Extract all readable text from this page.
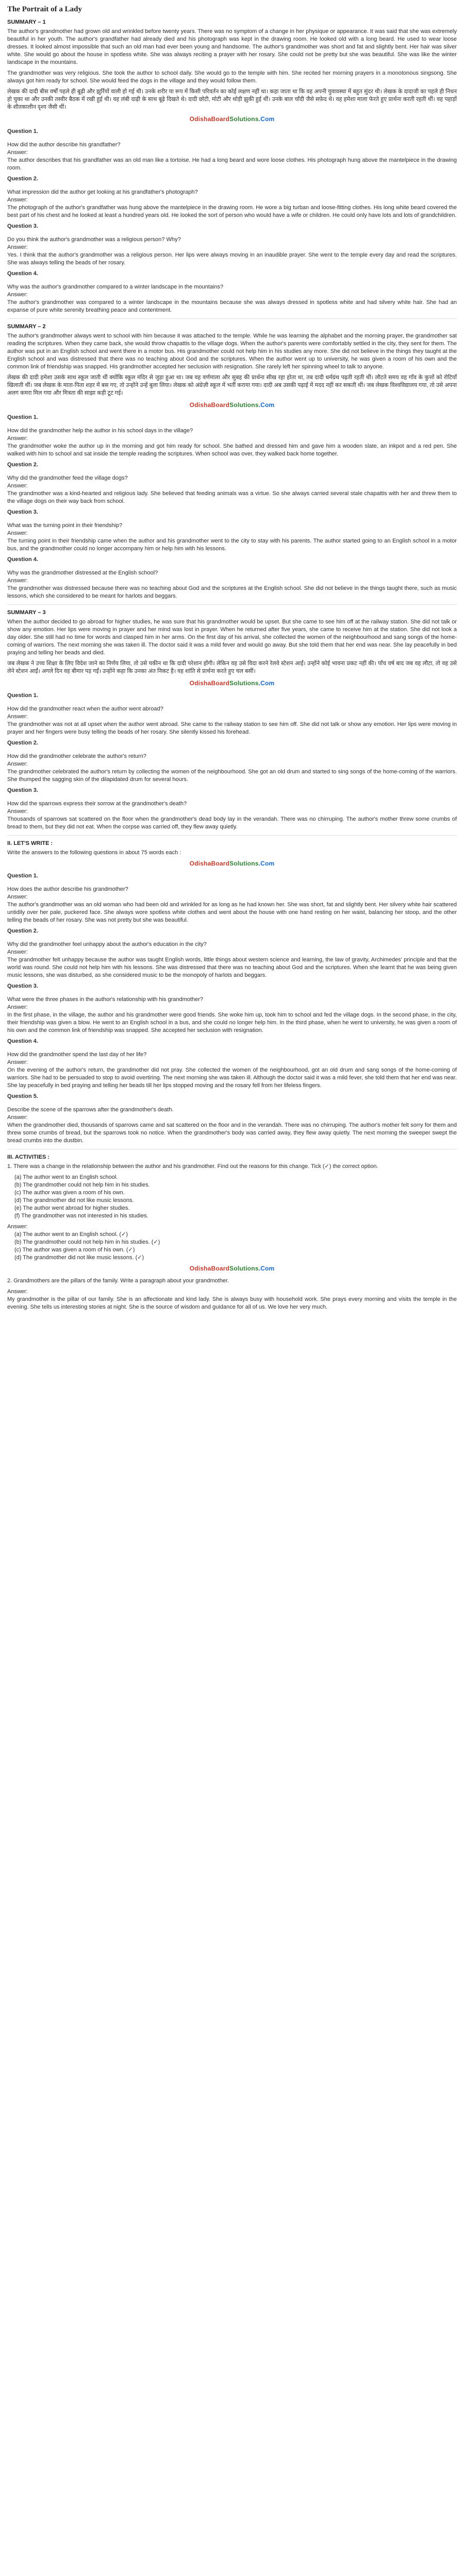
The Portrait of a Lady
SUMMARY – 1

The author's grandmother had grown old and wrinkled before twenty years. There was no symptom of a change in her physique or appearance. It was said that she was extremely beautiful in her youth. The author's grandfather had already died and his photograph was kept in the drawing room. He looked old with a long beard. He used to wear loose dresses. It looked almost impossible that such an old man had ever been young and handsome. The author's grandmother was short and fat and slightly bent. Her hair was silver white. She would go about the house in spotless white. She was always reciting a prayer with her rosary. She could not be pretty but she was beautiful. She was like the winter landscape in the mountains.

The grandmother was very religious. She took the author to school daily. She would go to the temple with him. She recited her morning prayers in a monotonous singsong. She always got him ready for school. She would feed the dogs in the village and they would follow them.

लेखक की दादी बीस वर्षों पहले ही बूढ़ी और झुर्रियों वाली हो गई थी। उनके शरीर या रूप में किसी परिवर्तन का कोई लक्षण नहीं था। कहा जाता था कि वह अपनी युवावस्था में बहुत सुंदर थी। लेखक के दादाजी का पहले ही निधन हो चुका था और उनकी तस्वीर बैठक में रखी हुई थी। वह लंबी दाढ़ी के साथ बूढ़े दिखते थे। दादी छोटी, मोटी और थोड़ी झुकी हुई थीं। उनके बाल चाँदी जैसे सफ़ेद थे। वह हमेशा माला फेरते हुए प्रार्थना करती रहती थीं। वह पहाड़ों के शीतकालीन दृश्य जैसी थीं।

OdishaBoardSolutions.Com

Question 1.

How did the author describe his grandfather?

Answer:

The author describes that his grandfather was an old man like a tortoise. He had a long beard and wore loose clothes. His photograph hung above the mantelpiece in the drawing room.

Question 2.

What impression did the author get looking at his grandfather's photograph?

Answer:

The photograph of the author's grandfather was hung above the mantelpiece in the drawing room. He wore a big turban and loose-fitting clothes. His long white beard covered the best part of his chest and he looked at least a hundred years old. He looked the sort of person who would have a wife or children. He could only have lots and lots of grandchildren.

Question 3.

Do you think the author's grandmother was a religious person? Why?

Answer:

Yes. I think that the author's grandmother was a religious person. Her lips were always moving in an inaudible prayer. She went to the temple every day and read the scriptures. She was always telling the beads of her rosary.

Question 4.

Why was the author's grandmother compared to a winter landscape in the mountains?

Answer:

The author's grandmother was compared to a winter landscape in the mountains because she was always dressed in spotless white and had silvery white hair. She had an expanse of pure white serenity breathing peace and contentment.

SUMMARY – 2

The author's grandmother always went to school with him because it was attached to the temple. While he was learning the alphabet and the morning prayer, the grandmother sat reading the scriptures. When they came back, she would throw chapattis to the village dogs. When the author's parents were comfortably settled in the city, they sent for them. The author was put in an English school and went there in a motor bus. His grandmother could not help him in his studies any more. She did not believe in the things they taught at the English school and was distressed that there was no teaching about God and the scriptures. When the author went up to university, he was given a room of his own and the common link of friendship was snapped. His grandmother accepted her seclusion with resignation. She rarely left her spinning wheel to talk to anyone.

लेखक की दादी हमेशा उसके साथ स्कूल जाती थीं क्योंकि स्कूल मंदिर से जुड़ा हुआ था। जब वह वर्णमाला और सुबह की प्रार्थना सीख रहा होता था, तब दादी धर्मग्रंथ पढ़ती रहती थीं। लौटते समय वह गाँव के कुत्तों को रोटियाँ खिलाती थीं। जब लेखक के माता-पिता शहर में बस गए, तो उन्होंने उन्हें बुला लिया। लेखक को अंग्रेज़ी स्कूल में भर्ती कराया गया। दादी अब उसकी पढ़ाई में मदद नहीं कर सकती थीं। जब लेखक विश्वविद्यालय गया, तो उसे अपना अलग कमरा मिल गया और मित्रता की साझा कड़ी टूट गई।

OdishaBoardSolutions.Com

Question 1.

How did the grandmother help the author in his school days in the village?

Answer:

The grandmother woke the author up in the morning and got him ready for school. She bathed and dressed him and gave him a wooden slate, an inkpot and a red pen. She walked with him to school and sat inside the temple reading the scriptures. When school was over, they walked back home together.

Question 2.

Why did the grandmother feed the village dogs?

Answer:

The grandmother was a kind-hearted and religious lady. She believed that feeding animals was a virtue. So she always carried several stale chapattis with her and threw them to the village dogs on their way back from school.

Question 3.

What was the turning point in their friendship?

Answer:

The turning point in their friendship came when the author and his grandmother went to the city to stay with his parents. The author started going to an English school in a motor bus, and the grandmother could no longer accompany him or help him with his lessons.

Question 4.

Why was the grandmother distressed at the English school?

Answer:

The grandmother was distressed because there was no teaching about God and the scriptures at the English school. She did not believe in the things taught there, such as music lessons, which she considered to be meant for harlots and beggars.

SUMMARY – 3

When the author decided to go abroad for higher studies, he was sure that his grandmother would be upset. But she came to see him off at the railway station. She did not talk or show any emotion. Her lips were moving in prayer and her mind was lost in prayer. When he returned after five years, she came to receive him at the station. She did not look a day older. She still had no time for words and clasped him in her arms. On the first day of his arrival, she collected the women of the neighbourhood and sang songs of the home-coming of warriors. The next morning she was taken ill. The doctor said it was a mild fever and would go away. But she told them that her end was near. She lay peacefully in bed praying and telling her beads and died.

जब लेखक ने उच्च शिक्षा के लिए विदेश जाने का निर्णय लिया, तो उसे यकीन था कि दादी परेशान होंगी। लेकिन वह उसे विदा करने रेलवे स्टेशन आईं। उन्होंने कोई भावना प्रकट नहीं की। पाँच वर्ष बाद जब वह लौटा, तो वह उसे लेने स्टेशन आईं। अगले दिन वह बीमार पड़ गईं। उन्होंने कहा कि उनका अंत निकट है। वह शांति से प्रार्थना करते हुए चल बसीं।

OdishaBoardSolutions.Com

Question 1.

How did the grandmother react when the author went abroad?

Answer:

The grandmother was not at all upset when the author went abroad. She came to the railway station to see him off. She did not talk or show any emotion. Her lips were moving in prayer and her fingers were busy telling the beads of her rosary. She silently kissed his forehead.

Question 2.

How did the grandmother celebrate the author's return?

Answer:

The grandmother celebrated the author's return by collecting the women of the neighbourhood. She got an old drum and started to sing songs of the home-coming of the warriors. She thumped the sagging skin of the dilapidated drum for several hours.

Question 3.

How did the sparrows express their sorrow at the grandmother's death?

Answer:

Thousands of sparrows sat scattered on the floor when the grandmother's dead body lay in the verandah. There was no chirruping. The author's mother threw some crumbs of bread to them, but they did not eat. When the corpse was carried off, they flew away quietly.

II. LET'S WRITE :

Write the answers to the following questions in about 75 words each :

OdishaBoardSolutions.Com

Question 1.

How does the author describe his grandmother?

Answer:

The author's grandmother was an old woman who had been old and wrinkled for as long as he had known her. She was short, fat and slightly bent. Her silvery white hair scattered untidily over her pale, puckered face. She always wore spotless white clothes and went about the house with one hand resting on her waist, balancing her stoop, and the other telling the beads of her rosary. She was not pretty but she was beautiful.

Question 2.

Why did the grandmother feel unhappy about the author's education in the city?

Answer:

The grandmother felt unhappy because the author was taught English words, little things about western science and learning, the law of gravity, Archimedes' principle and that the world was round. She could not help him with his lessons. She was distressed that there was no teaching about God and the scriptures. When she learnt that he was being given music lessons, she was disturbed, as she considered music to be the monopoly of harlots and beggars.

Question 3.

What were the three phases in the author's relationship with his grandmother?

Answer:

In the first phase, in the village, the author and his grandmother were good friends. She woke him up, took him to school and fed the village dogs. In the second phase, in the city, their friendship was given a blow. He went to an English school in a bus, and she could no longer help him. In the third phase, when he went to university, he was given a room of his own and the common link of friendship was snapped. She accepted her seclusion with resignation.

Question 4.

How did the grandmother spend the last day of her life?

Answer:

On the evening of the author's return, the grandmother did not pray. She collected the women of the neighbourhood, got an old drum and sang songs of the home-coming of warriors. She had to be persuaded to stop to avoid overtiring. The next morning she was taken ill. Although the doctor said it was a mild fever, she told them that her end was near. She lay peacefully in bed praying and telling her beads till her lips stopped moving and the rosary fell from her lifeless fingers.

Question 5.

Describe the scene of the sparrows after the grandmother's death.

Answer:

When the grandmother died, thousands of sparrows came and sat scattered on the floor and in the verandah. There was no chirruping. The author's mother felt sorry for them and threw some crumbs of bread, but the sparrows took no notice. When the grandmother's body was carried away, they flew away quietly. The next morning the sweeper swept the bread crumbs into the dustbin.

III. ACTIVITIES :

1. There was a change in the relationship between the author and his grandmother. Find out the reasons for this change. Tick (✓) the correct option.

(a) The author went to an English school.

(b) The grandmother could not help him in his studies.

(c) The author was given a room of his own.

(d) The grandmother did not like music lessons.

(e) The author went abroad for higher studies.

(f) The grandmother was not interested in his studies.

Answer:

(a) The author went to an English school. (✓)

(b) The grandmother could not help him in his studies. (✓)

(c) The author was given a room of his own. (✓)

(d) The grandmother did not like music lessons. (✓)

OdishaBoardSolutions.Com

2. Grandmothers are the pillars of the family. Write a paragraph about your grandmother.

Answer:

My grandmother is the pillar of our family. She is an affectionate and kind lady. She is always busy with household work. She prays every morning and visits the temple in the evening. She tells us interesting stories at night. She is the source of wisdom and guidance for all of us. We love her very much.
